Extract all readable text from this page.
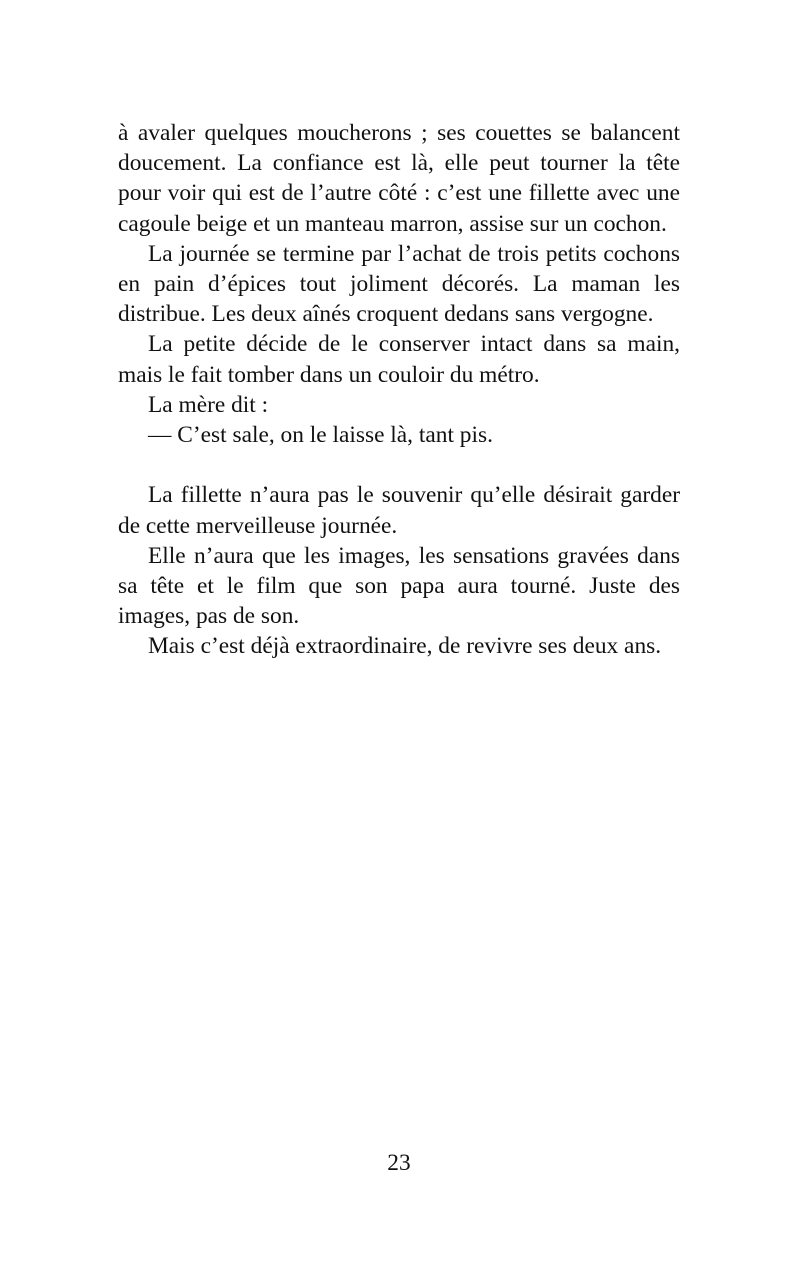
à avaler quelques moucherons ; ses couettes se balancent doucement. La confiance est là, elle peut tourner la tête pour voir qui est de l’autre côté : c’est une fillette avec une cagoule beige et un manteau marron, assise sur un cochon.

La journée se termine par l’achat de trois petits cochons en pain d’épices tout joliment décorés. La maman les distribue. Les deux aînés croquent dedans sans vergogne.

La petite décide de le conserver intact dans sa main, mais le fait tomber dans un couloir du métro.

La mère dit :

— C’est sale, on le laisse là, tant pis.

La fillette n’aura pas le souvenir qu’elle désirait garder de cette merveilleuse journée.

Elle n’aura que les images, les sensations gravées dans sa tête et le film que son papa aura tourné. Juste des images, pas de son.

Mais c’est déjà extraordinaire, de revivre ses deux ans.

23
